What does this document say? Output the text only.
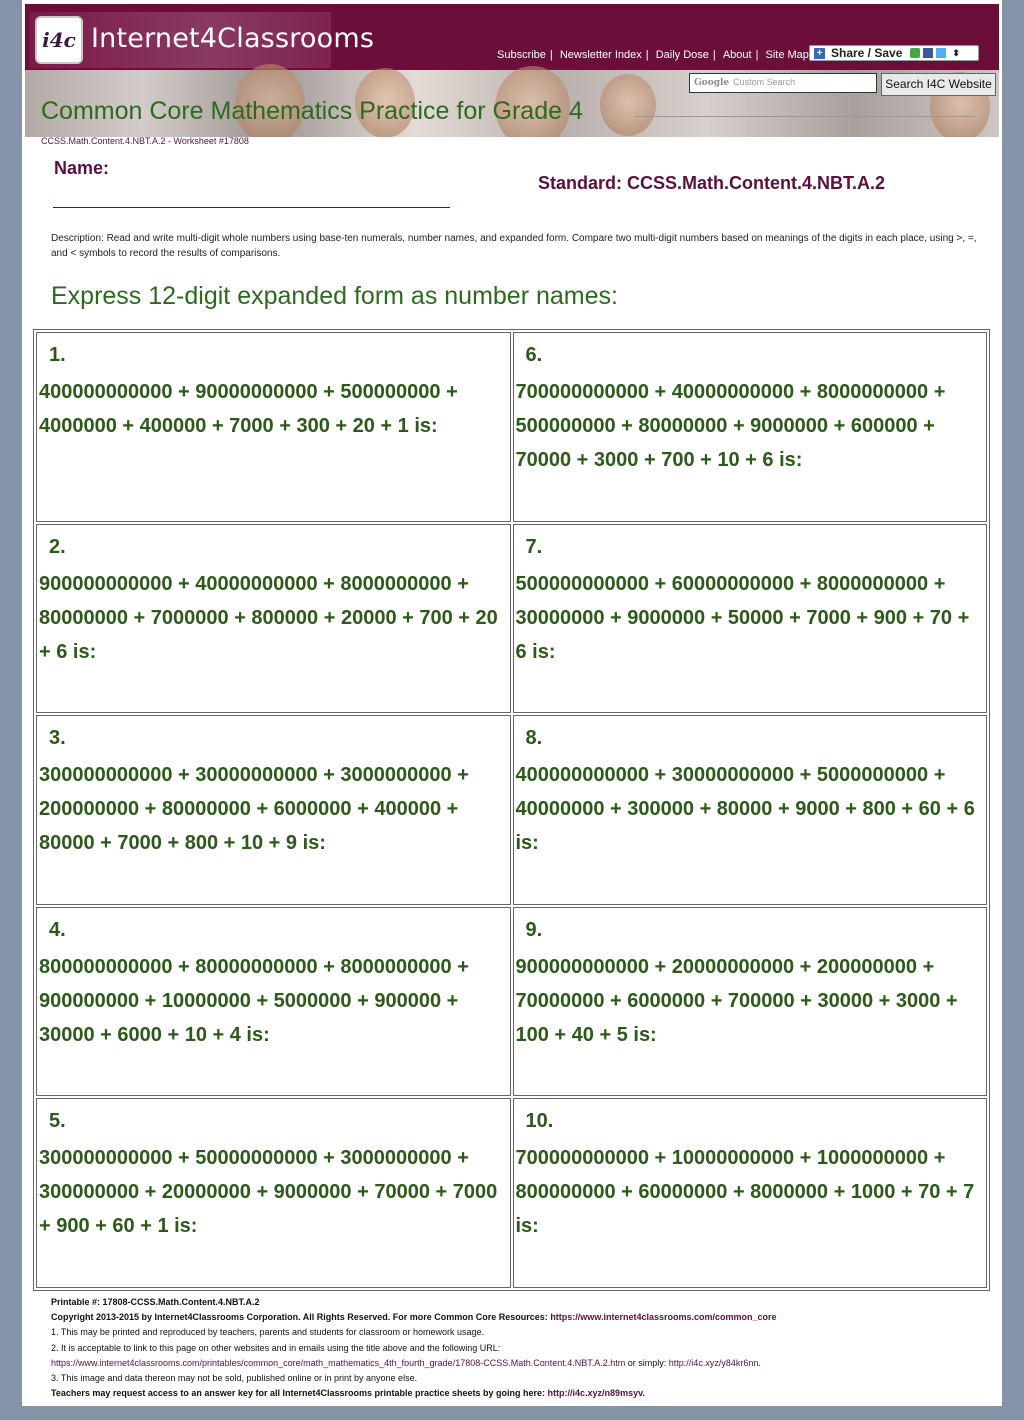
i4c Internet4Classrooms
Subscribe | Newsletter Index | Daily Dose | About | Site Map + Share / Save	⬍
Google Custom Search	Search I4C Website
Common Core Mathematics Practice for Grade 4
CCSS.Math.Content.4.NBT.A.2 - Worksheet #17808
Name:
Standard: CCSS.Math.Content.4.NBT.A.2
Description: Read and write multi-digit whole numbers using base-ten numerals, number names, and expanded form. Compare two multi-digit numbers based on meanings of the digits in each place, using >, =, and < symbols to record the results of comparisons.
Express 12-digit expanded form as number names:
1.
400000000000 + 90000000000 + 500000000 + 4000000 + 400000 + 7000 + 300 + 20 + 1 is:
6.
700000000000 + 40000000000 + 8000000000 + 500000000 + 80000000 + 9000000 + 600000 + 70000 + 3000 + 700 + 10 + 6 is:
2.
900000000000 + 40000000000 + 8000000000 + 80000000 + 7000000 + 800000 + 20000 + 700 + 20 + 6 is:
7.
500000000000 + 60000000000 + 8000000000 + 30000000 + 9000000 + 50000 + 7000 + 900 + 70 + 6 is:
3.
300000000000 + 30000000000 + 3000000000 + 200000000 + 80000000 + 6000000 + 400000 + 80000 + 7000 + 800 + 10 + 9 is:
8.
400000000000 + 30000000000 + 5000000000 + 40000000 + 300000 + 80000 + 9000 + 800 + 60 + 6 is:
4.
800000000000 + 80000000000 + 8000000000 + 900000000 + 10000000 + 5000000 + 900000 + 30000 + 6000 + 10 + 4 is:
9.
900000000000 + 20000000000 + 200000000 + 70000000 + 6000000 + 700000 + 30000 + 3000 + 100 + 40 + 5 is:
5.
300000000000 + 50000000000 + 3000000000 + 300000000 + 20000000 + 9000000 + 70000 + 7000 + 900 + 60 + 1 is:
10.
700000000000 + 10000000000 + 1000000000 + 800000000 + 60000000 + 8000000 + 1000 + 70 + 7 is:
Printable #: 17808-CCSS.Math.Content.4.NBT.A.2
Copyright 2013-2015 by Internet4Classrooms Corporation. All Rights Reserved. For more Common Core Resources: https://www.internet4classrooms.com/common_core
1. This may be printed and reproduced by teachers, parents and students for classroom or homework usage.
2. It is acceptable to link to this page on other websites and in emails using the title above and the following URL:
https://www.internet4classrooms.com/printables/common_core/math_mathematics_4th_fourth_grade/17808-CCSS.Math.Content.4.NBT.A.2.htm or simply: http://i4c.xyz/y84kr6nn.
3. This image and data thereon may not be sold, published online or in print by anyone else.
Teachers may request access to an answer key for all Internet4Classrooms printable practice sheets by going here: http://i4c.xyz/n89msyv.
